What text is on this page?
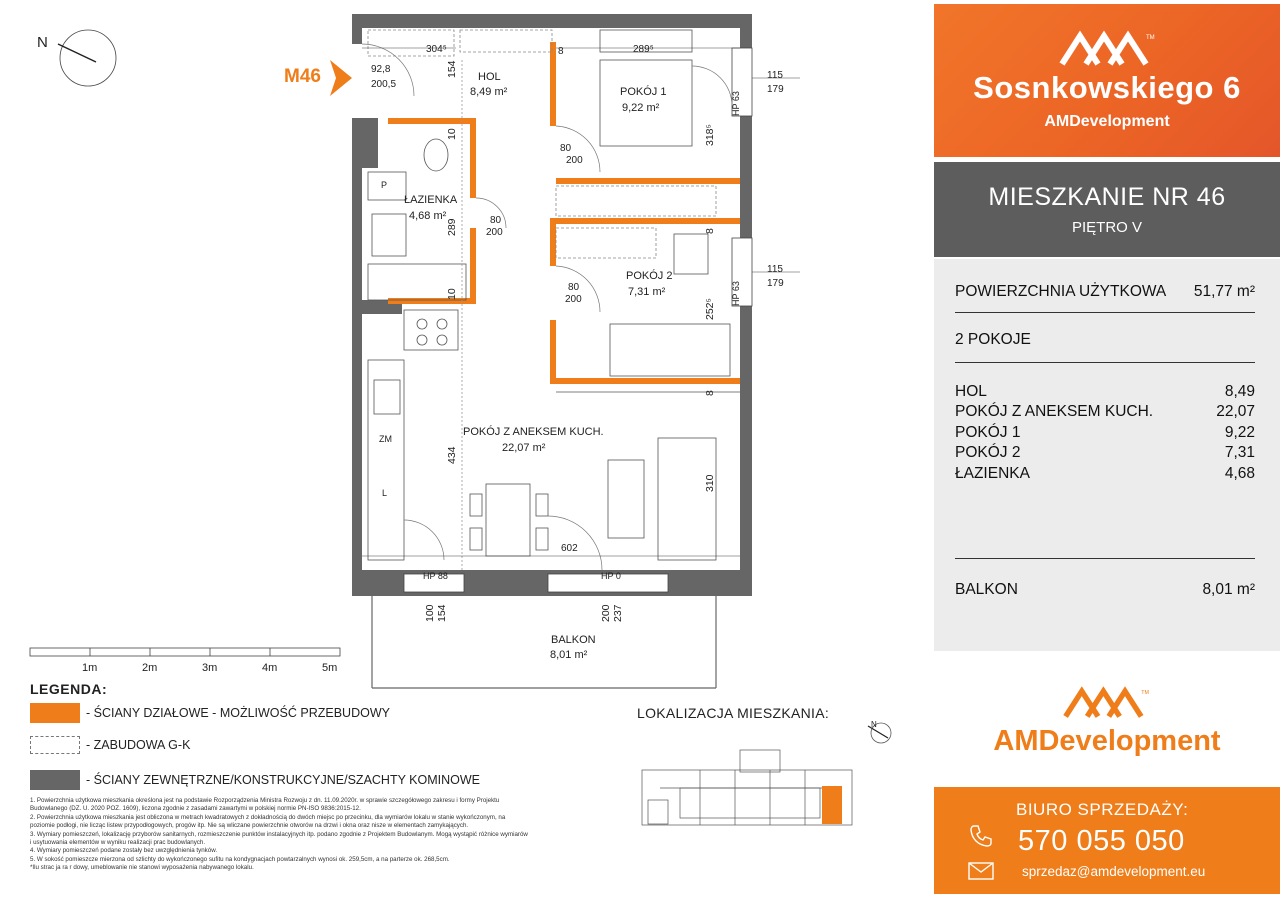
N
M46	HOL
8,49 m²	POKÓJ 1
9,22 m²
ŁAZIENKA
4,68 m²
POKÓJ 2
7,31 m²
POKÓJ Z ANEKSEM KUCH.
22,07 m²
BALKON
8,01 m²
P
ZM
L
304⁵	289⁵
8
92,8
200,5
115
179
80
200
80
200
115
179
80
200
602
HP 88	HP 0
154
318⁵
HP 63
10
289	8
HP 63
10
252⁵
8
434
310
100 154	200 237
1m	2m	3m	4m	5m
LEGENDA:
- ŚCIANY DZIAŁOWE - MOŻLIWOŚĆ PRZEBUDOWY
- ZABUDOWA G-K
- ŚCIANY ZEWNĘTRZNE/KONSTRUKCYJNE/SZACHTY KOMINOWE
1. Powierzchnia użytkowa mieszkania określona jest na podstawie Rozporządzenia Ministra Rozwoju z dn. 11.09.2020r. w sprawie szczegółowego zakresu i formy Projektu Budowlanego (DZ. U. 2020 POZ. 1609), liczona zgodnie z zasadami zawartymi w polskiej normie PN-ISO 9836:2015-12.
2. Powierzchnia użytkowa mieszkania jest obliczona w metrach kwadratowych z dokładnością do dwóch miejsc po przecinku, dla wymiarów lokalu w stanie wykończonym, na poziomie podłogi, nie licząc listew przypodłogowych, progów itp. Nie są wliczane powierzchnie otworów na drzwi i okna oraz nisze w elementach zamykających.
3. Wymiary pomieszczeń, lokalizację przyborów sanitarnych, rozmieszczenie punktów instalacyjnych itp. podano zgodnie z Projektem Budowlanym. Mogą wystąpić różnice wymiarów i usytuowania elementów w wyniku realizacji prac budowlanych.
4. Wymiary pomieszczeń podane zostały bez uwzględnienia tynków.
5. W sokość pomieszcze mierzona od szlichty do wykończonego sufitu na kondygnacjach powtarzalnych wynosi ok. 259,5cm, a na parterze ok. 268,5cm.
*Ilu strac ja ra r dowy, umeblowanie nie stanowi wyposażenia nabywanego lokalu.
LOKALIZACJA MIESZKANIA:
N
TM
Sosnkowskiego 6
AMDevelopment
MIESZKANIE NR 46
PIĘTRO V
POWIERZCHNIA UŻYTKOWA 51,77 m²
2 POKOJE
HOL	8,49
POKÓJ Z ANEKSEM KUCH.	22,07
POKÓJ 1	9,22
POKÓJ 2	7,31
ŁAZIENKA	4,68
BALKON	8,01 m²
TM
AMDevelopment
BIURO SPRZEDAŻY:
570 055 050
sprzedaz@amdevelopment.eu
